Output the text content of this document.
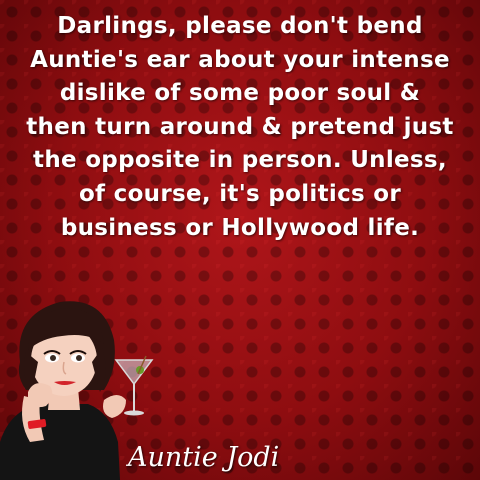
Darlings, please don't bend
Auntie's ear about your intense
dislike of some poor soul &
then turn around & pretend just
the opposite in person. Unless,
of course, it's politics or
business or Hollywood life.

Auntie Jodi
